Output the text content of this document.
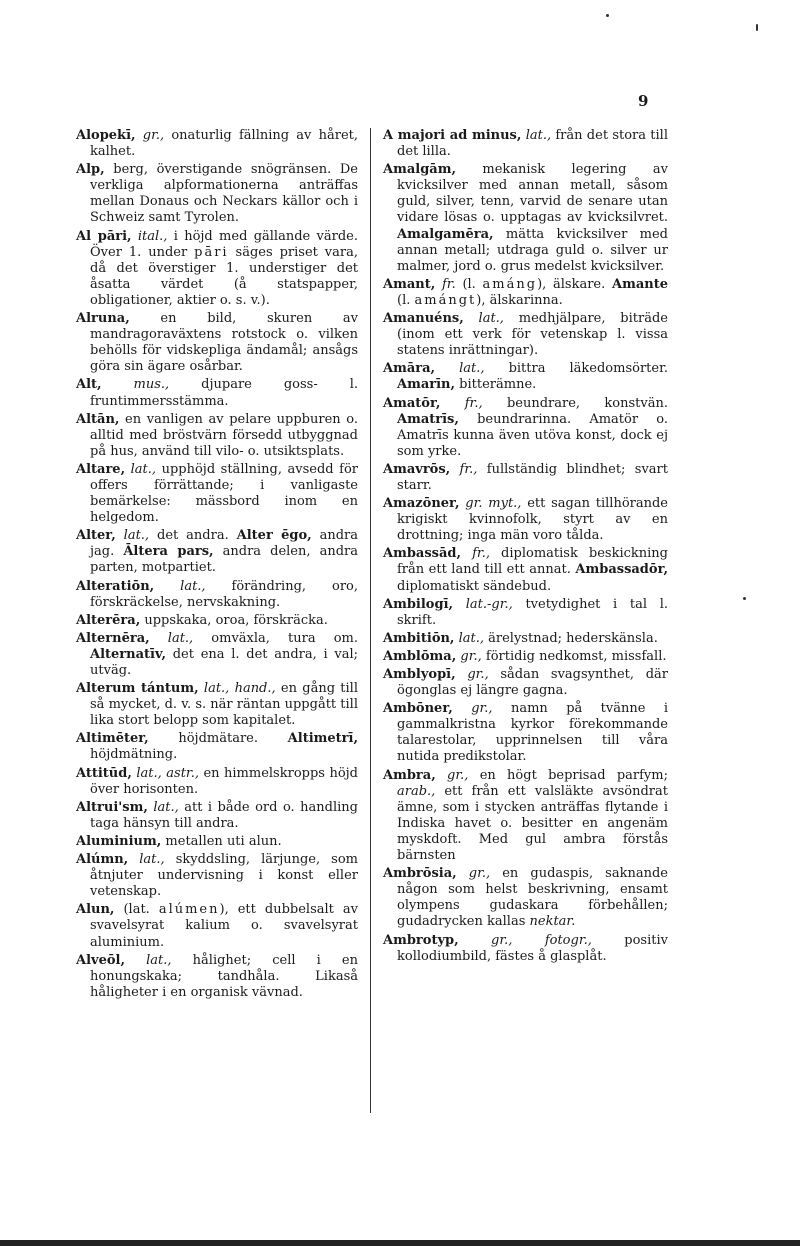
9

Alopekī, gr., onaturlig fällning av håret, kalhet.

Alp, berg, överstigande snögränsen. De verkliga alpformationerna anträffas mellan Donaus och Neckars källor och i Schweiz samt Tyrolen.

Al pāri, ital., i höjd med gällande värde. Över 1. under pāri säges priset vara, då det överstiger 1. understiger det åsatta värdet (å statspapper, obligationer, aktier o. s. v.).

Alruna, en bild, skuren av mandragoraväxtens rotstock o. vilken behölls för vidskepliga ändamål; ansågs göra sin ägare osårbar.

Alt, mus., djupare goss- l. fruntimmersstämma.

Altān, en vanligen av pelare uppburen o. alltid med bröstvärn försedd utbyggnad på hus, använd till vilo- o. utsiktsplats.

Altare, lat., upphöjd ställning, avsedd för offers förrättande; i vanligaste bemärkelse: mässbord inom en helgedom.

Alter, lat., det andra. Alter ēgo, andra jag. Āltera pars, andra delen, andra parten, motpartiet.

Alteratiōn, lat., förändring, oro, förskräckelse, nervskakning.

Alterēra, uppskaka, oroa, förskräcka.

Alternēra, lat., omväxla, tura om. Alternatīv, det ena l. det andra, i val; utväg.

Alterum tántum, lat., hand., en gång till så mycket, d. v. s. när räntan uppgått till lika stort belopp som kapitalet.

Altimēter, höjdmätare. Altimetrī, höjdmätning.

Attitūd, lat., astr., en himmelskropps höjd över horisonten.

Altrui'sm, lat., att i både ord o. handling taga hänsyn till andra.

Aluminium, metallen uti alun.

Alúmn, lat., skyddsling, lärjunge, som åtnjuter undervisning i konst eller vetenskap.

Alun, (lat. alúmen), ett dubbelsalt av svavelsyrat kalium o. svavelsyrat aluminium.

Alveōl, lat., hålighet; cell i en honungskaka; tandhåla. Likaså håligheter i en organisk vävnad.

A majori ad minus, lat., från det stora till det lilla.

Amalgām, mekanisk legering av kvicksilver med annan metall, såsom guld, silver, tenn, varvid de senare utan vidare lösas o. upptagas av kvicksilvret. Amalgamēra, mätta kvicksilver med annan metall; utdraga guld o. silver ur malmer, jord o. grus medelst kvicksilver.

Amant, fr. (l. amáng), älskare. Amante (l. amángt), älskarinna.

Amanuéns, lat., medhjälpare, biträde (inom ett verk för vetenskap l. vissa statens inrättningar).

Amāra, lat., bittra läkedomsörter. Amarīn, bitterämne.

Amatōr, fr., beundrare, konstvän. Amatrīs, beundrarinna. Amatör o. Amatrīs kunna även utöva konst, dock ej som yrke.

Amavrōs, fr., fullständig blindhet; svart starr.

Amazōner, gr. myt., ett sagan tillhörande krigiskt kvinnofolk, styrt av en drottning; inga män voro tålda.

Ambassād, fr., diplomatisk beskickning från ett land till ett annat. Ambassadōr, diplomatiskt sändebud.

Ambilogī, lat.-gr., tvetydighet i tal l. skrift.

Ambitiōn, lat., ärelystnad; hederskänsla.

Amblōma, gr., förtidig nedkomst, missfall.

Amblyopī, gr., sådan svagsynthet, där ögonglas ej längre gagna.

Ambōner, gr., namn på tvänne i gammalkristna kyrkor förekommande talarestolar, upprinnelsen till våra nutida predikstolar.

Ambra, gr., en högt beprisad parfym; arab., ett från ett valsläkte avsöndrat ämne, som i stycken anträffas flytande i Indiska havet o. besitter en angenäm myskdoft. Med gul ambra förstås bärnsten

Ambrōsia, gr., en gudaspis, saknande någon som helst beskrivning, ensamt olympens gudaskara förbehållen; gudadrycken kallas nektar.

Ambrotyp, gr., fotogr., positiv kollodiumbild, fästes å glasplåt.
